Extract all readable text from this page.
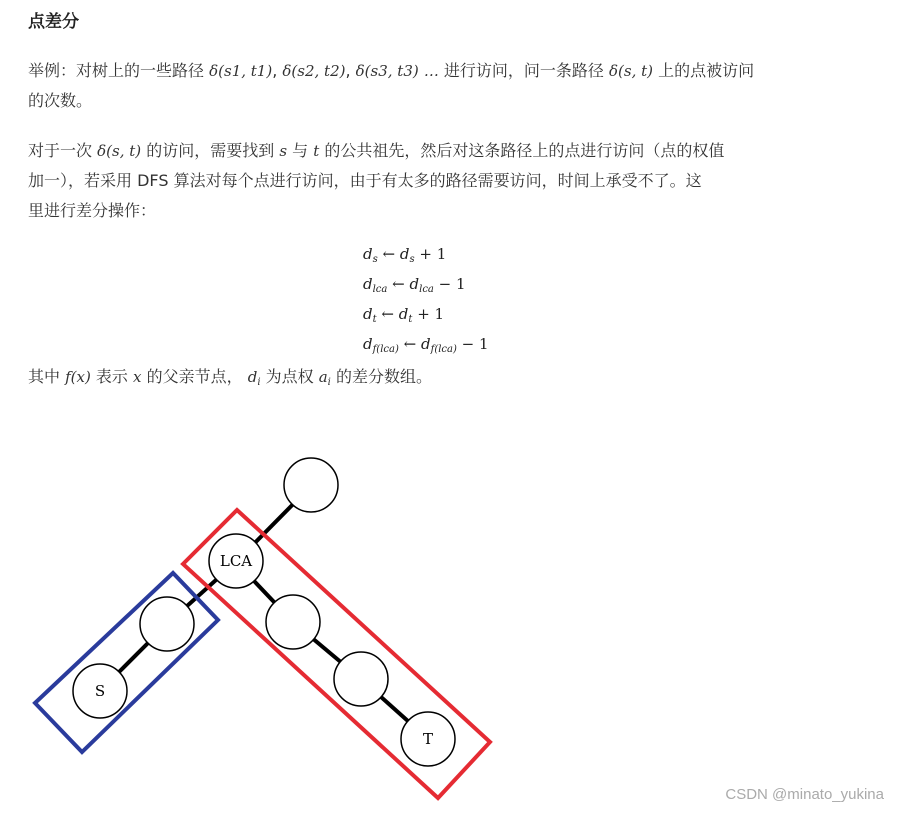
点差分
举例：对树上的一些路径 δ(s1, t1), δ(s2, t2), δ(s3, t3) … 进行访问，问一条路径 δ(s, t) 上的点被访问
的次数。
对于一次 δ(s, t) 的访问，需要找到 s 与 t 的公共祖先，然后对这条路径上的点进行访问（点的权值
加一），若采用 DFS 算法对每个点进行访问，由于有太多的路径需要访问，时间上承受不了。这
里进行差分操作：
$d_s$ ← $d_s + 1$
$d_{lca}$ ← $d_{lca} - 1$
$d_t$ ← $d_t + 1$
$d_{f(lca)}$ ← $d_{f(lca)} - 1$
其中 f(x) 表示 x 的父亲节点， $d_i$ 为点权 $a_i$ 的差分数组。
LCA
S
T
CSDN @minato_yukina
